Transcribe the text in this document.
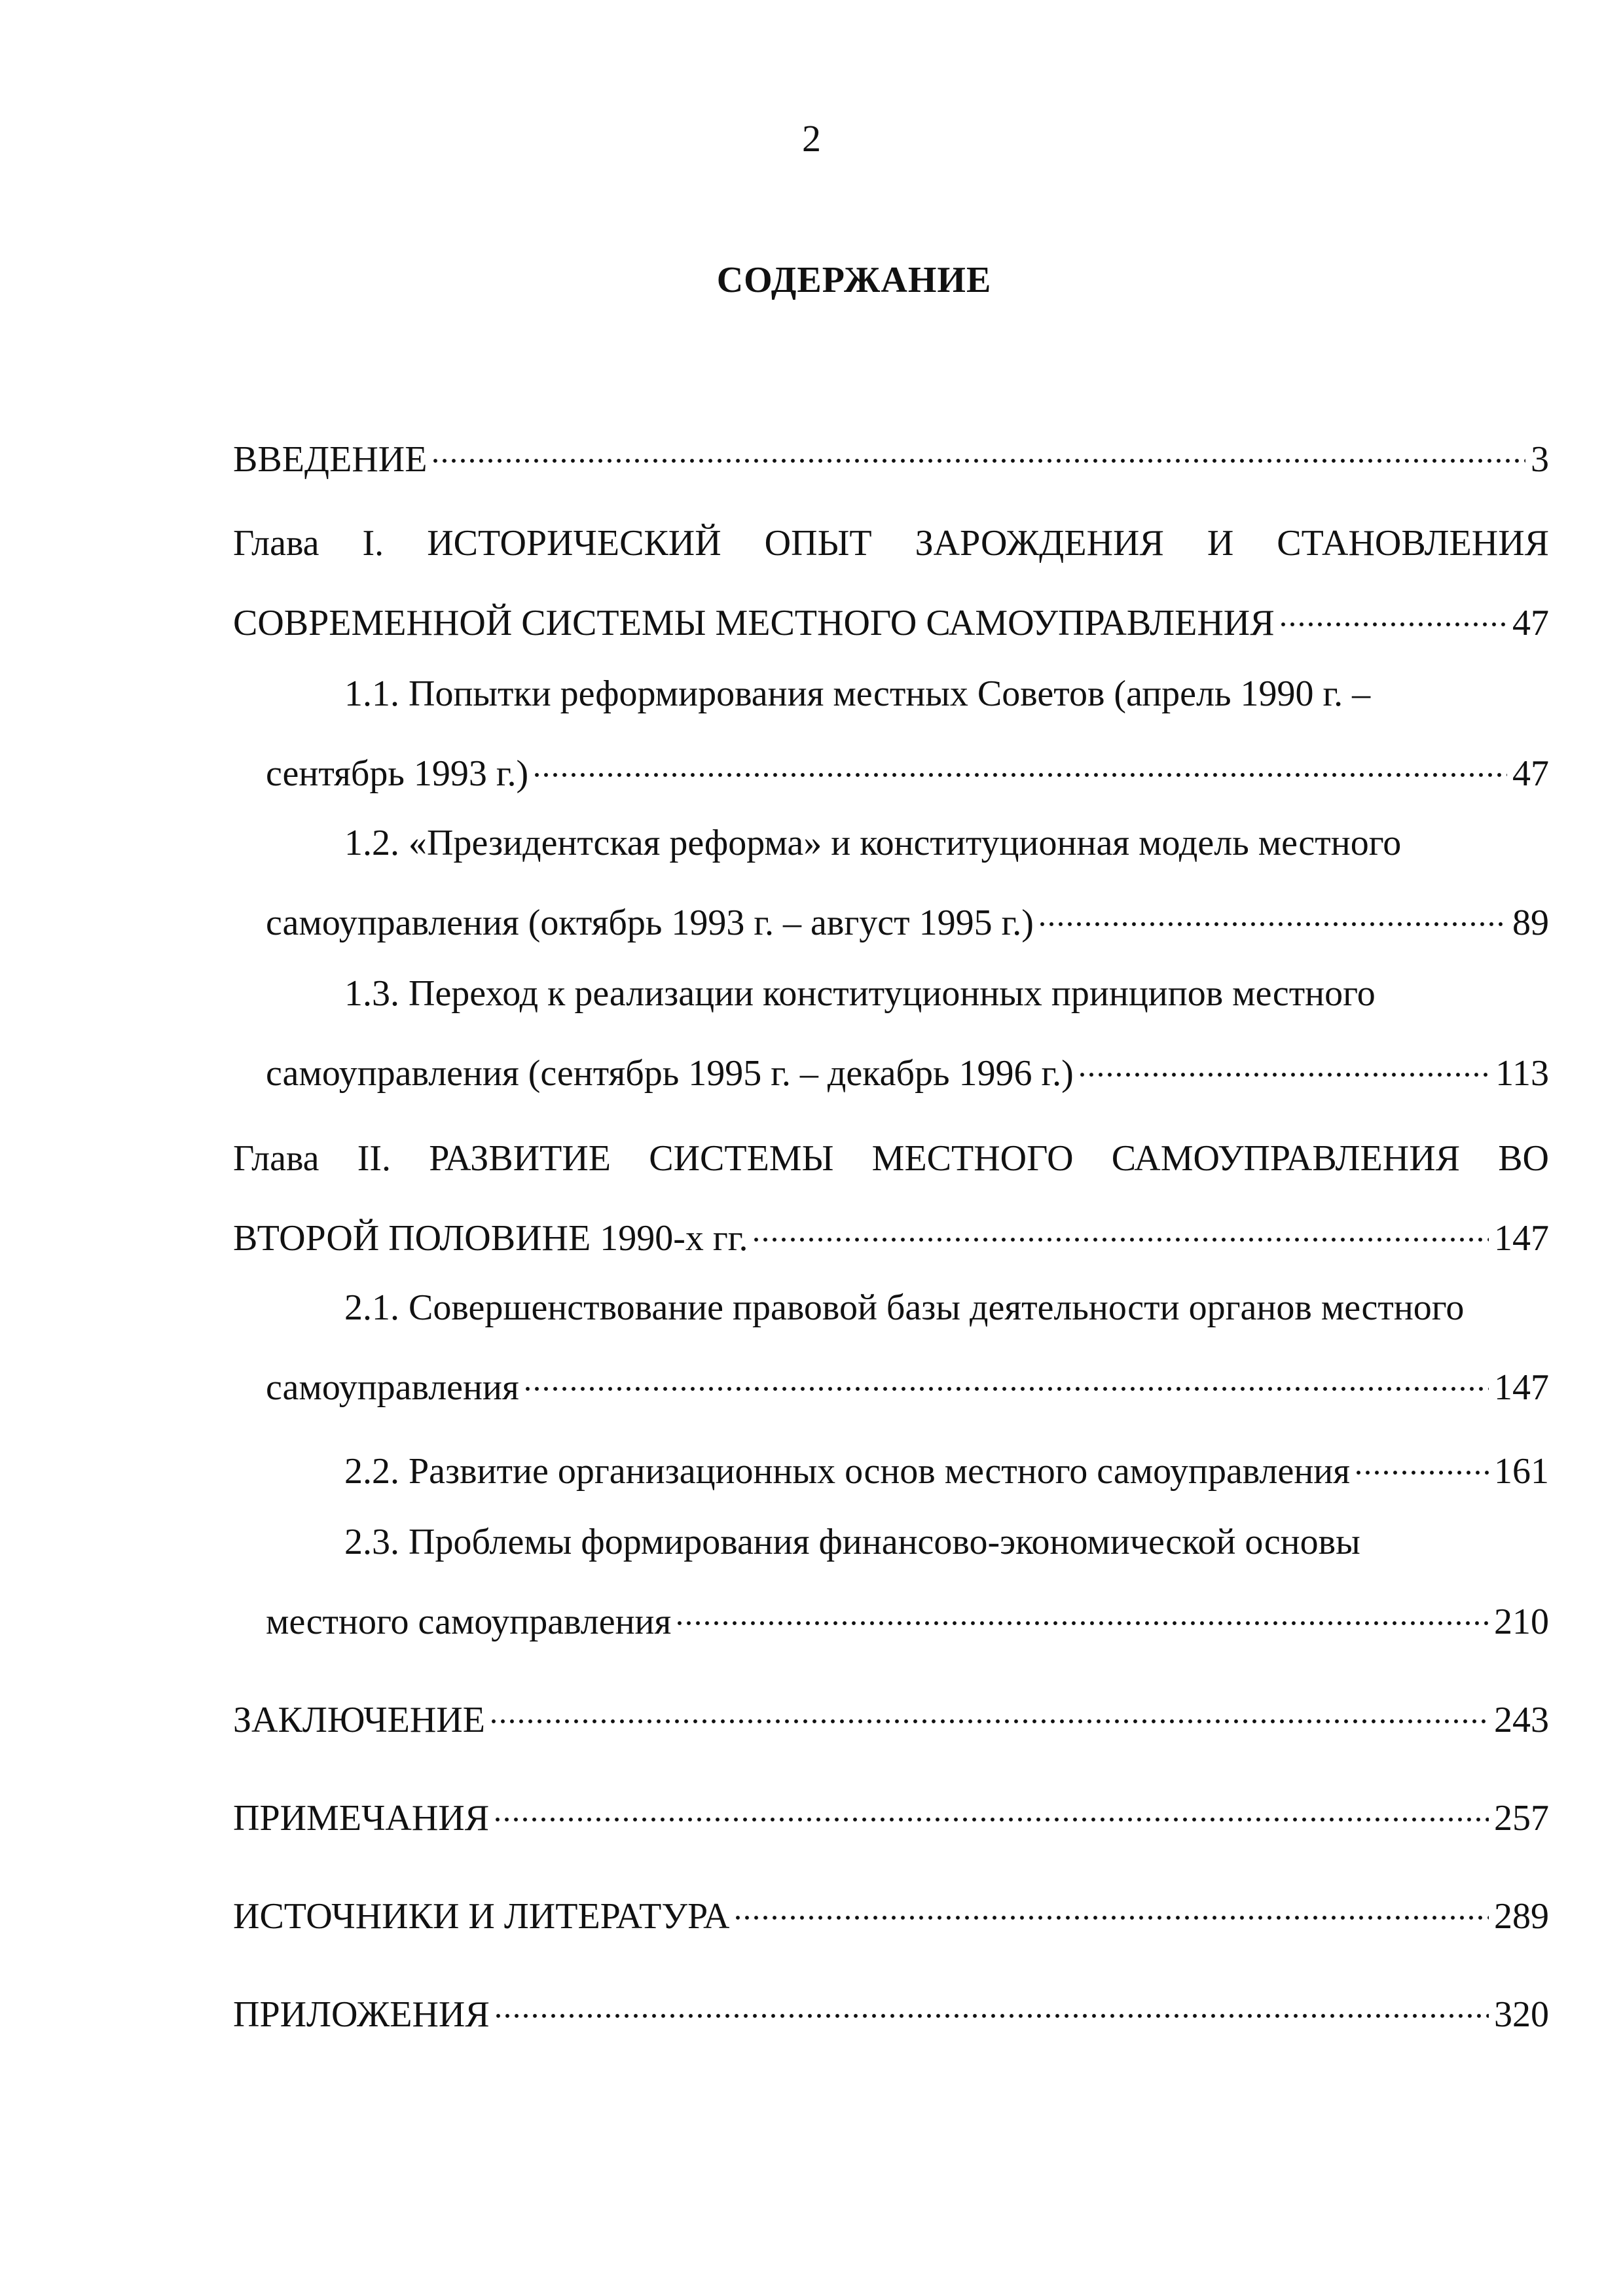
2
СОДЕРЖАНИЕ
ВВЕДЕНИЕ	3
Глава I. ИСТОРИЧЕСКИЙ ОПЫТ ЗАРОЖДЕНИЯ И СТАНОВЛЕНИЯ
СОВРЕМЕННОЙ СИСТЕМЫ МЕСТНОГО САМОУПРАВЛЕНИЯ	47
1.1. Попытки реформирования местных Советов (апрель 1990 г. –
сентябрь 1993 г.)	47
1.2. «Президентская реформа» и конституционная модель местного
самоуправления (октябрь 1993 г. – август 1995 г.)	89
1.3. Переход к реализации конституционных принципов местного
самоуправления (сентябрь 1995 г. – декабрь 1996 г.)	113
Глава II. РАЗВИТИЕ СИСТЕМЫ МЕСТНОГО САМОУПРАВЛЕНИЯ ВО
ВТОРОЙ ПОЛОВИНЕ 1990-х гг.	147
2.1. Совершенствование правовой базы деятельности органов местного
самоуправления	147
2.2. Развитие организационных основ местного самоуправления	161
2.3. Проблемы формирования финансово-экономической основы
местного самоуправления	210
ЗАКЛЮЧЕНИЕ	243
ПРИМЕЧАНИЯ	257
ИСТОЧНИКИ И ЛИТЕРАТУРА	289
ПРИЛОЖЕНИЯ	320
